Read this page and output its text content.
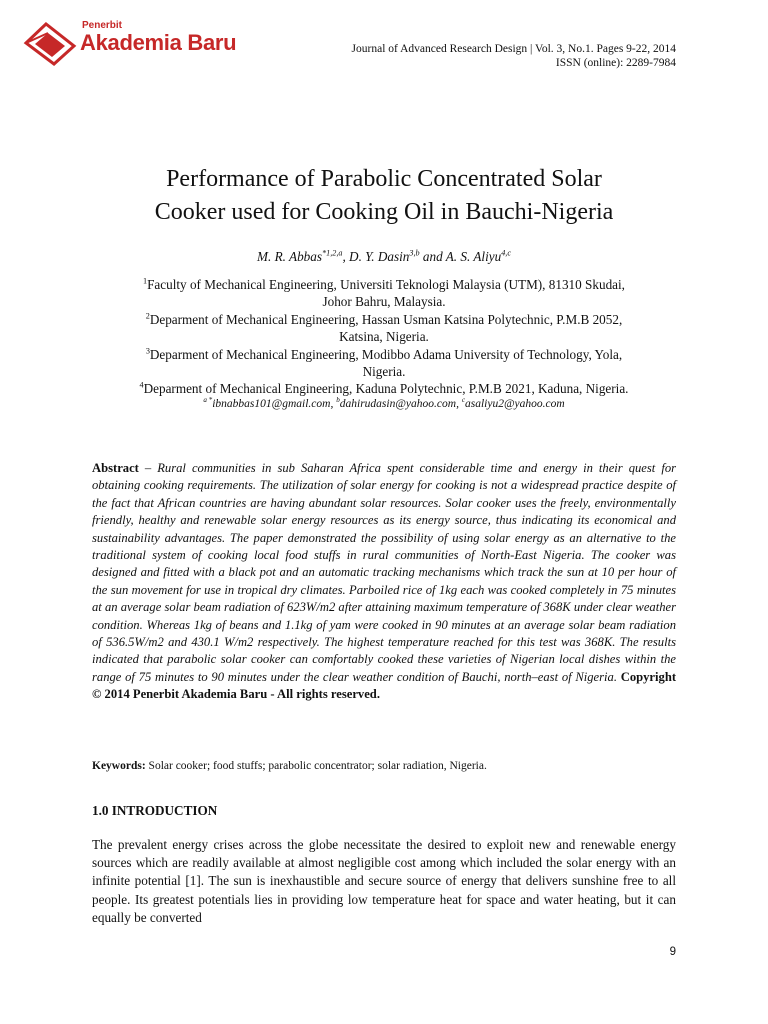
Penerbit
Akademia Baru	Journal of Advanced Research Design | Vol. 3, No.1. Pages 9-22, 2014
ISSN (online): 2289-7984
Performance of Parabolic Concentrated Solar
Cooker used for Cooking Oil in Bauchi-Nigeria
M. R. Abbas$^{*1,2,a}$, D. Y. Dasin$^{3,b}$ and A. S. Aliyu$^{4,c}$
$^1$Faculty of Mechanical Engineering, Universiti Teknologi Malaysia (UTM), 81310 Skudai,
Johor Bahru, Malaysia.
$^2$Deparment of Mechanical Engineering, Hassan Usman Katsina Polytechnic, P.M.B 2052,
Katsina, Nigeria.
$^3$Deparment of Mechanical Engineering, Modibbo Adama University of Technology, Yola,
Nigeria.
$^4$Deparment of Mechanical Engineering, Kaduna Polytechnic, P.M.B 2021, Kaduna, Nigeria.
$^{a *}$ibnabbas101@gmail.com, $^b$dahirudasin@yahoo.com, $^c$asaliyu2@yahoo.com
Abstract – Rural communities in sub Saharan Africa spent considerable time and energy in their quest for obtaining cooking requirements. The utilization of solar energy for cooking is not a widespread practice despite of the fact that African countries are having abundant solar resources. Solar cooker uses the freely, environmentally friendly, healthy and renewable solar energy resources as its energy source, thus indicating its economical and sustainability advantages. The paper demonstrated the possibility of using solar energy as an alternative to the traditional system of cooking local food stuffs in rural communities of North-East Nigeria. The cooker was designed and fitted with a black pot and an automatic tracking mechanisms which track the sun at 10 per hour of the sun movement for use in tropical dry climates. Parboiled rice of 1kg each was cooked completely in 75 minutes at an average solar beam radiation of 623W/m2 after attaining maximum temperature of 368K under clear weather condition. Whereas 1kg of beans and 1.1kg of yam were cooked in 90 minutes at an average solar beam radiation of 536.5W/m2 and 430.1 W/m2 respectively. The highest temperature reached for this test was 368K. The results indicated that parabolic solar cooker can comfortably cooked these varieties of Nigerian local dishes within the range of 75 minutes to 90 minutes under the clear weather condition of Bauchi, north–east of Nigeria. Copyright © 2014 Penerbit Akademia Baru - All rights reserved.
Keywords: Solar cooker; food stuffs; parabolic concentrator; solar radiation, Nigeria.
1.0 INTRODUCTION
The prevalent energy crises across the globe necessitate the desired to exploit new and renewable energy sources which are readily available at almost negligible cost among which included the solar energy with an infinite potential [1]. The sun is inexhaustible and secure source of energy that delivers sunshine free to all people. Its greatest potentials lies in providing low temperature heat for space and water heating, but it can equally be converted
9
